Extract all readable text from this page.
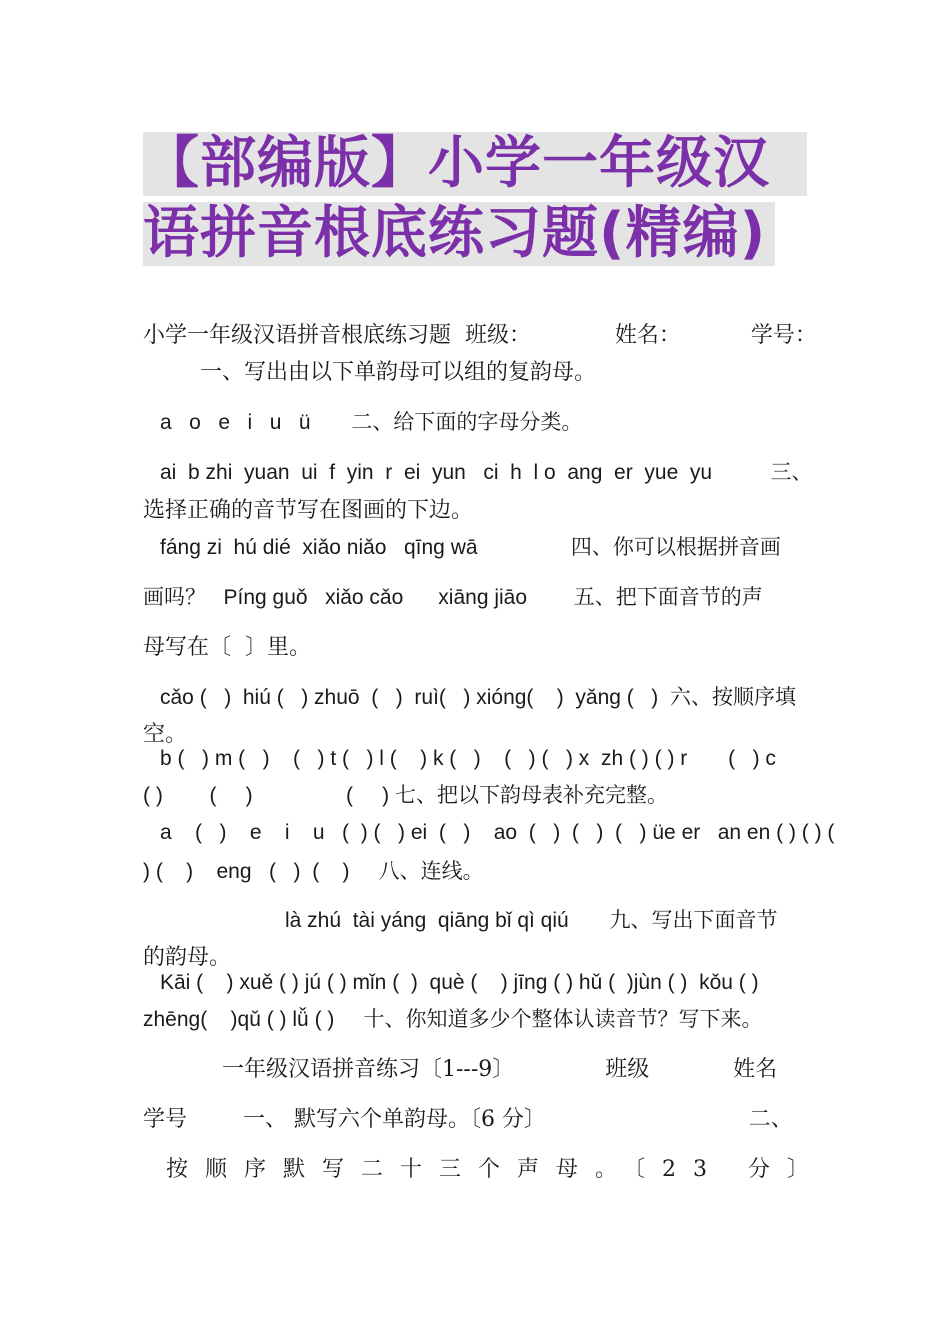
【部编版】小学一年级汉
语拼音根底练习题(精编)
小学一年级汉语拼音根底练习题  班级：            姓名：          学号：
一、写出由以下单韵母可以组的复韵母。
a   o   e   i   u   ü       二、给下面的字母分类。
ai  b zhi  yuan  ui  f  yin  r  ei  yun   ci  h  l o  ang  er  yue  yu          三、
选择正确的音节写在图画的下边。
fáng zi  hú dié  xiǎo niǎo   qīng wā                四、你可以根据拼音画
画吗？   Píng guǒ   xiǎo cǎo      xiāng jiāo        五、把下面音节的声
母写在〔  〕里。
cǎo (   )  hiú (   ) zhuō  (   )  ruì(   ) xióng(    )  yǎng (   )  六、按顺序填
空。
b (   ) m (   )    (   ) t (   ) l (    ) k (   )    (   ) (   ) x  zh ( ) ( ) r       (   ) c
( )        (     )                (     ) 七、把以下韵母表补充完整。
a    (   )    e    i    u   (  ) (   ) ei  (   )    ao  (   )  (   )  (   ) üe er   an en ( ) ( ) (
) (    )    eng   (   )  (    )     八、连线。
là zhú  tài yáng  qiāng bǐ qì qiú       九、写出下面音节
的韵母。
Kāi (    ) xuě ( ) jú ( ) mǐn (  )  què (    ) jīng ( ) hǔ (  )jùn ( )  kǒu ( )
zhēng(    )qǔ ( ) lǚ ( )     十、你知道多少个整体认读音节？写下来。
一年级汉语拼音练习〔1---9〕             班级            姓名
学号        一、 默写六个单韵母。〔6 分〕                             二、
按顺序默写二十三个声母。〔23 分〕
